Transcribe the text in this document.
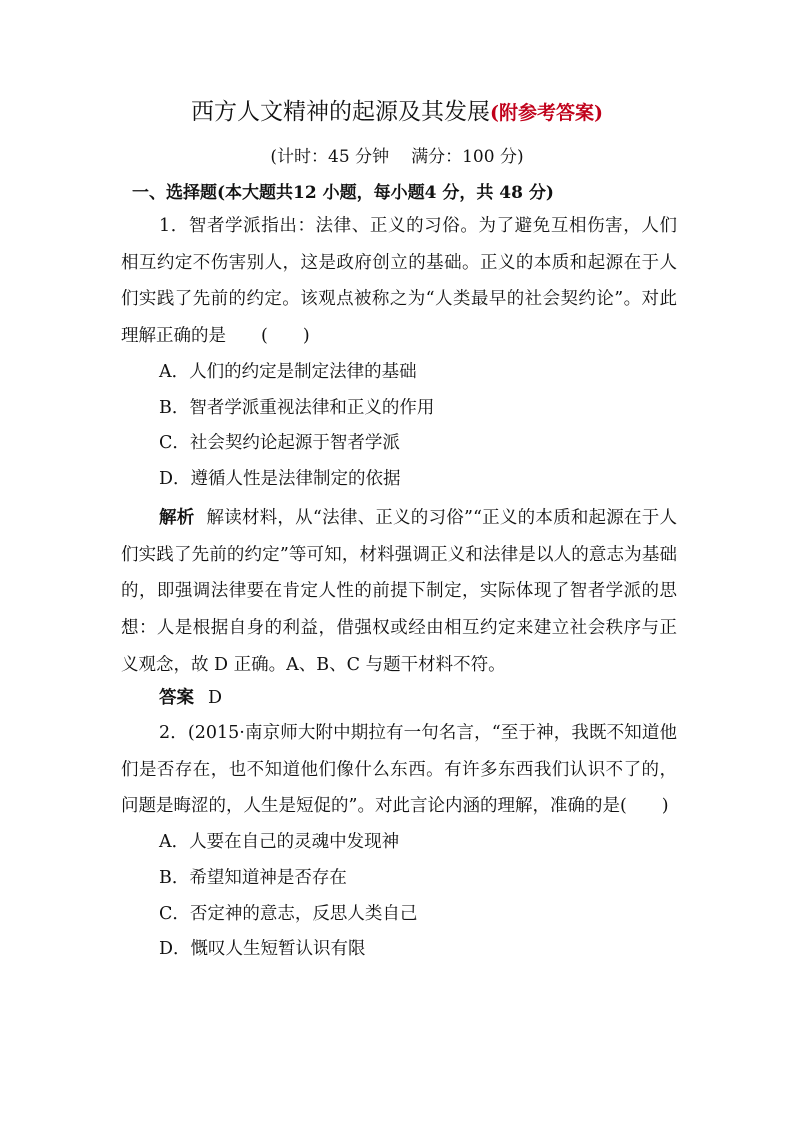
西方人文精神的起源及其发展(附参考答案)
(计时：45 分钟 满分：100 分)
一、选择题(本大题共12 小题，每小题4 分，共 48 分)

1．智者学派指出：法律、正义的习俗。为了避免互相伤害，人们相互约定不伤害别人，这是政府创立的基础。正义的本质和起源在于人们实践了先前的约定。该观点被称之为“人类最早的社会契约论”。对此理解正确的是　　(　　)

A．人们的约定是制定法律的基础

B．智者学派重视法律和正义的作用

C．社会契约论起源于智者学派

D．遵循人性是法律制定的依据

解析 解读材料，从“法律、正义的习俗”“正义的本质和起源在于人们实践了先前的约定”等可知，材料强调正义和法律是以人的意志为基础的，即强调法律要在肯定人性的前提下制定，实际体现了智者学派的思想：人是根据自身的利益，借强权或经由相互约定来建立社会秩序与正义观念，故 D 正确。A、B、C 与题干材料不符。

答案 D

2．(2015·南京师大附中期拉有一句名言，“至于神，我既不知道他们是否存在，也不知道他们像什么东西。有许多东西我们认识不了的，问题是晦涩的，人生是短促的”。对此言论内涵的理解，准确的是(　　)

A．人要在自己的灵魂中发现神

B．希望知道神是否存在

C．否定神的意志，反思人类自己

D．慨叹人生短暂认识有限
